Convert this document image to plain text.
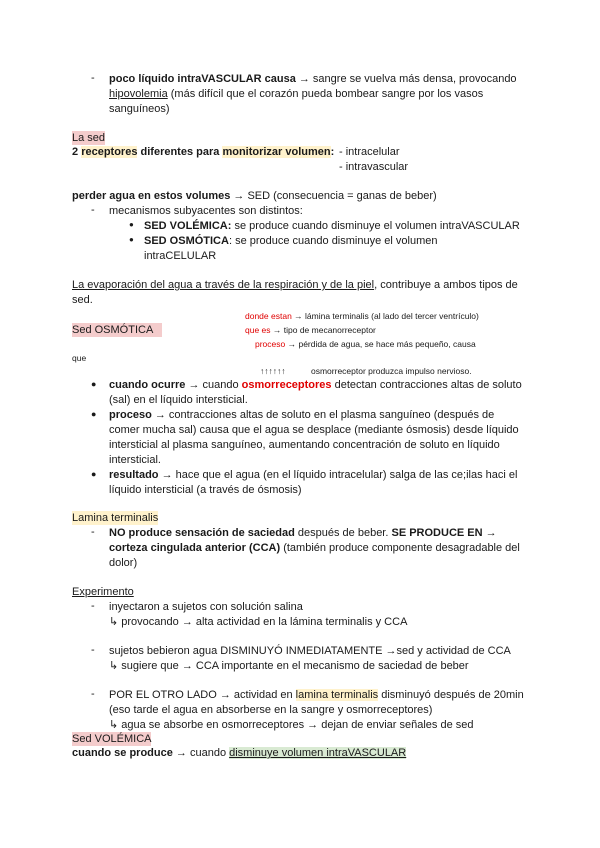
- poco líquido intraVASCULAR causa → sangre se vuelva más densa, provocando
hipovolemia (más difícil que el corazón pueda bombear sangre por los vasos
sanguíneos)
La sed
2 receptores diferentes para monitorizar volumen: - intracelular
- intravascular
perder agua en estos volumes → SED (consecuencia = ganas de beber)
- mecanismos subyacentes son distintos:
● SED VOLÉMICA: se produce cuando disminuye el volumen intraVASCULAR
● SED OSMÓTICA: se produce cuando disminuye el volumen
intraCELULAR
La evaporación del agua a través de la respiración y de la piel, contribuye a ambos tipos de
sed.
donde estan → lámina terminalis (al lado del tercer ventrículo)
que es → tipo de mecanorreceptor
proceso → pérdida de agua, se hace más pequeño, causa
que
↑↑↑↑↑↑	osmorreceptor produzca impulso nervioso.
Sed OSMÓTICA
● cuando ocurre → cuando osmorreceptores detectan contracciones altas de soluto
(sal) en el líquido intersticial.
● proceso → contracciones altas de soluto en el plasma sanguíneo (después de
comer mucha sal) causa que el agua se desplace (mediante ósmosis) desde líquido
intersticial al plasma sanguíneo, aumentando concentración de soluto en líquido
intersticial.
● resultado → hace que el agua (en el líquido intracelular) salga de las ce;ilas haci el
líquido intersticial (a través de ósmosis)
Lamina terminalis
- NO produce sensación de saciedad después de beber. SE PRODUCE EN →
corteza cingulada anterior (CCA) (también produce componente desagradable del
dolor)
Experimento
- inyectaron a sujetos con solución salina
↳ provocando → alta actividad en la lámina terminalis y CCA
- sujetos bebieron agua DISMINUYÓ INMEDIATAMENTE →sed y actividad de CCA
↳ sugiere que → CCA importante en el mecanismo de saciedad de beber
- POR EL OTRO LADO → actividad en lamina terminalis disminuyó después de 20min
(eso tarde el agua en absorberse en la sangre y osmorreceptores)
↳ agua se absorbe en osmorreceptores → dejan de enviar señales de sed
Sed VOLÉMICA
cuando se produce → cuando disminuye volumen intraVASCULAR
